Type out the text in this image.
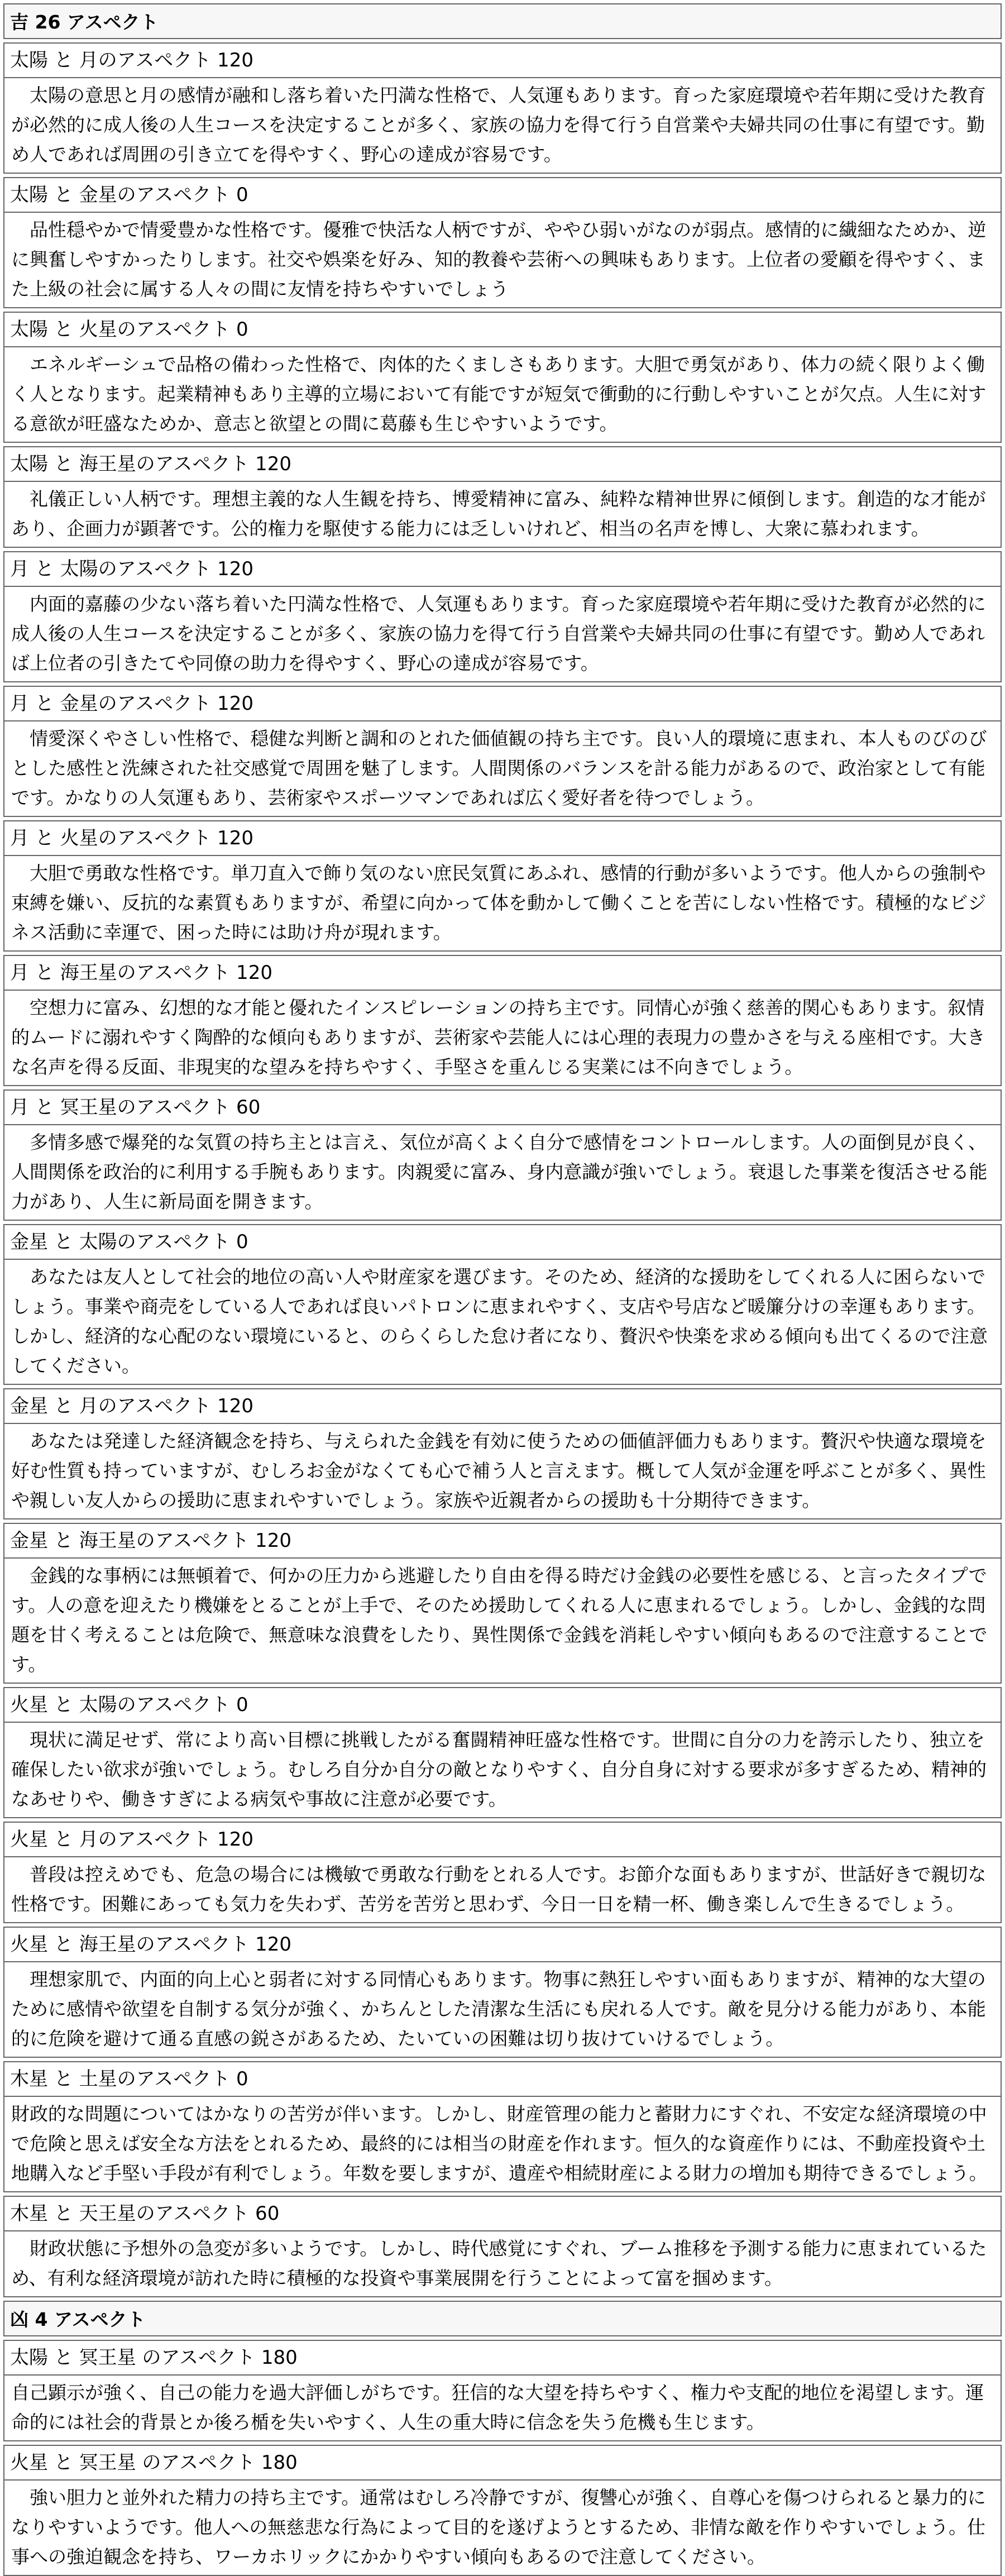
吉 26 アスペクト
太陽 と 月のアスペクト 120
　太陽の意思と月の感情が融和し落ち着いた円満な性格で、人気運もあります。育った家庭環境や若年期に受けた教育が必然的に成人後の人生コースを決定することが多く、家族の協力を得て行う自営業や夫婦共同の仕事に有望です。勤め人であれば周囲の引き立てを得やすく、野心の達成が容易です。
太陽 と 金星のアスペクト 0
　品性穏やかで情愛豊かな性格です。優雅で快活な人柄ですが、ややひ弱いがなのが弱点。感情的に繊細なためか、逆に興奮しやすかったりします。社交や娯楽を好み、知的教養や芸術への興味もあります。上位者の愛顧を得やすく、また上級の社会に属する人々の間に友情を持ちやすいでしょう
太陽 と 火星のアスペクト 0
　エネルギーシュで品格の備わった性格で、肉体的たくましさもあります。大胆で勇気があり、体力の続く限りよく働く人となります。起業精神もあり主導的立場において有能ですが短気で衝動的に行動しやすいことが欠点。人生に対する意欲が旺盛なためか、意志と欲望との間に葛藤も生じやすいようです。
太陽 と 海王星のアスペクト 120
　礼儀正しい人柄です。理想主義的な人生観を持ち、博愛精神に富み、純粋な精神世界に傾倒します。創造的な才能があり、企画力が顕著です。公的権力を駆使する能力には乏しいけれど、相当の名声を博し、大衆に慕われます。
月 と 太陽のアスペクト 120
　内面的嘉藤の少ない落ち着いた円満な性格で、人気運もあります。育った家庭環境や若年期に受けた教育が必然的に成人後の人生コースを決定することが多く、家族の協力を得て行う自営業や夫婦共同の仕事に有望です。勤め人であれば上位者の引きたてや同僚の助力を得やすく、野心の達成が容易です。
月 と 金星のアスペクト 120
　情愛深くやさしい性格で、穏健な判断と調和のとれた価値観の持ち主です。良い人的環境に恵まれ、本人ものびのびとした感性と洗練された社交感覚で周囲を魅了します。人間関係のバランスを計る能力があるので、政治家として有能です。かなりの人気運もあり、芸術家やスポーツマンであれば広く愛好者を待つでしょう。
月 と 火星のアスペクト 120
　大胆で勇敢な性格です。単刀直入で飾り気のない庶民気質にあふれ、感情的行動が多いようです。他人からの強制や束縛を嫌い、反抗的な素質もありますが、希望に向かって体を動かして働くことを苦にしない性格です。積極的なビジネス活動に幸運で、困った時には助け舟が現れます。
月 と 海王星のアスペクト 120
　空想力に富み、幻想的な才能と優れたインスピレーションの持ち主です。同情心が強く慈善的関心もあります。叙情的ムードに溺れやすく陶酔的な傾向もありますが、芸術家や芸能人には心理的表現力の豊かさを与える座相です。大きな名声を得る反面、非現実的な望みを持ちやすく、手堅さを重んじる実業には不向きでしょう。
月 と 冥王星のアスペクト 60
　多情多感で爆発的な気質の持ち主とは言え、気位が高くよく自分で感情をコントロールします。人の面倒見が良く、人間関係を政治的に利用する手腕もあります。肉親愛に富み、身内意識が強いでしょう。衰退した事業を復活させる能力があり、人生に新局面を開きます。
金星 と 太陽のアスペクト 0
　あなたは友人として社会的地位の高い人や財産家を選びます。そのため、経済的な援助をしてくれる人に困らないでしょう。事業や商売をしている人であれば良いパトロンに恵まれやすく、支店や号店など暖簾分けの幸運もあります。しかし、経済的な心配のない環境にいると、のらくらした怠け者になり、贅沢や快楽を求める傾向も出てくるので注意してください。
金星 と 月のアスペクト 120
　あなたは発達した経済観念を持ち、与えられた金銭を有効に使うための価値評価力もあります。贅沢や快適な環境を好む性質も持っていますが、むしろお金がなくても心で補う人と言えます。概して人気が金運を呼ぶことが多く、異性や親しい友人からの援助に恵まれやすいでしょう。家族や近親者からの援助も十分期待できます。
金星 と 海王星のアスペクト 120
　金銭的な事柄には無頓着で、何かの圧力から逃避したり自由を得る時だけ金銭の必要性を感じる、と言ったタイプです。人の意を迎えたり機嫌をとることが上手で、そのため援助してくれる人に恵まれるでしょう。しかし、金銭的な問題を甘く考えることは危険で、無意味な浪費をしたり、異性関係で金銭を消耗しやすい傾向もあるので注意することです。
火星 と 太陽のアスペクト 0
　現状に満足せず、常により高い目標に挑戦したがる奮闘精神旺盛な性格です。世間に自分の力を誇示したり、独立を確保したい欲求が強いでしょう。むしろ自分か自分の敵となりやすく、自分自身に対する要求が多すぎるため、精神的なあせりや、働きすぎによる病気や事故に注意が必要です。
火星 と 月のアスペクト 120
　普段は控えめでも、危急の場合には機敏で勇敢な行動をとれる人です。お節介な面もありますが、世話好きで親切な性格です。困難にあっても気力を失わず、苦労を苦労と思わず、今日一日を精一杯、働き楽しんで生きるでしょう。
火星 と 海王星のアスペクト 120
　理想家肌で、内面的向上心と弱者に対する同情心もあります。物事に熱狂しやすい面もありますが、精神的な大望のために感情や欲望を自制する気分が強く、かちんとした清潔な生活にも戻れる人です。敵を見分ける能力があり、本能的に危険を避けて通る直感の鋭さがあるため、たいていの困難は切り抜けていけるでしょう。
木星 と 土星のアスペクト 0
財政的な問題についてはかなりの苦労が伴います。しかし、財産管理の能力と蓄財力にすぐれ、不安定な経済環境の中で危険と思えば安全な方法をとれるため、最終的には相当の財産を作れます。恒久的な資産作りには、不動産投資や土地購入など手堅い手段が有利でしょう。年数を要しますが、遺産や相続財産による財力の増加も期待できるでしょう。
木星 と 天王星のアスペクト 60
　財政状態に予想外の急変が多いようです。しかし、時代感覚にすぐれ、ブーム推移を予測する能力に恵まれているため、有利な経済環境が訪れた時に積極的な投資や事業展開を行うことによって富を掴めます。
凶 4 アスペクト
太陽 と 冥王星 のアスペクト 180
自己顕示が強く、自己の能力を過大評価しがちです。狂信的な大望を持ちやすく、権力や支配的地位を渇望します。運命的には社会的背景とか後ろ楯を失いやすく、人生の重大時に信念を失う危機も生じます。
火星 と 冥王星 のアスペクト 180
　強い胆力と並外れた精力の持ち主です。通常はむしろ冷静ですが、復讐心が強く、自尊心を傷つけられると暴力的になりやすいようです。他人への無慈悲な行為によって目的を遂げようとするため、非情な敵を作りやすいでしょう。仕事への強迫観念を持ち、ワーカホリックにかかりやすい傾向もあるので注意してください。
